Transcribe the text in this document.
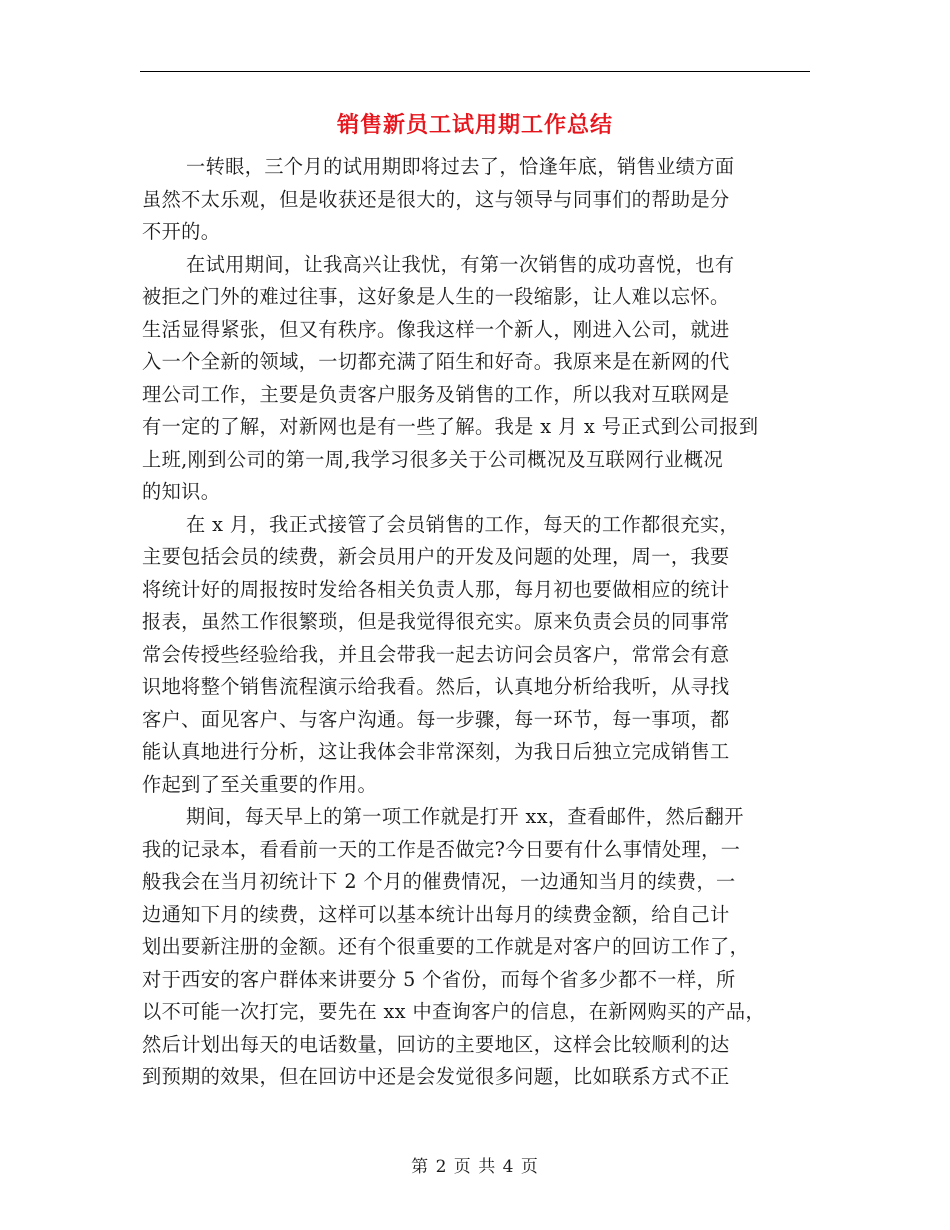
销售新员工试用期工作总结
一转眼，三个月的试用期即将过去了，恰逢年底，销售业绩方面
虽然不太乐观，但是收获还是很大的，这与领导与同事们的帮助是分
不开的。
在试用期间，让我高兴让我忧，有第一次销售的成功喜悦，也有
被拒之门外的难过往事，这好象是人生的一段缩影，让人难以忘怀。
生活显得紧张，但又有秩序。像我这样一个新人，刚进入公司，就进
入一个全新的领域，一切都充满了陌生和好奇。我原来是在新网的代
理公司工作，主要是负责客户服务及销售的工作，所以我对互联网是
有一定的了解，对新网也是有一些了解。我是 x 月 x 号正式到公司报到
上班,刚到公司的第一周,我学习很多关于公司概况及互联网行业概况
的知识。
在 x 月，我正式接管了会员销售的工作，每天的工作都很充实，
主要包括会员的续费，新会员用户的开发及问题的处理，周一，我要
将统计好的周报按时发给各相关负责人那，每月初也要做相应的统计
报表，虽然工作很繁琐，但是我觉得很充实。原来负责会员的同事常
常会传授些经验给我，并且会带我一起去访问会员客户，常常会有意
识地将整个销售流程演示给我看。然后，认真地分析给我听，从寻找
客户、面见客户、与客户沟通。每一步骤，每一环节，每一事项，都
能认真地进行分析，这让我体会非常深刻，为我日后独立完成销售工
作起到了至关重要的作用。
期间，每天早上的第一项工作就是打开 xx，查看邮件，然后翻开
我的记录本，看看前一天的工作是否做完?今日要有什么事情处理，一
般我会在当月初统计下 2 个月的催费情况，一边通知当月的续费，一
边通知下月的续费，这样可以基本统计出每月的续费金额，给自己计
划出要新注册的金额。还有个很重要的工作就是对客户的回访工作了，
对于西安的客户群体来讲要分 5 个省份，而每个省多少都不一样，所
以不可能一次打完，要先在 xx 中查询客户的信息，在新网购买的产品，
然后计划出每天的电话数量，回访的主要地区，这样会比较顺利的达
到预期的效果，但在回访中还是会发觉很多问题，比如联系方式不正
第 2 页 共 4 页
